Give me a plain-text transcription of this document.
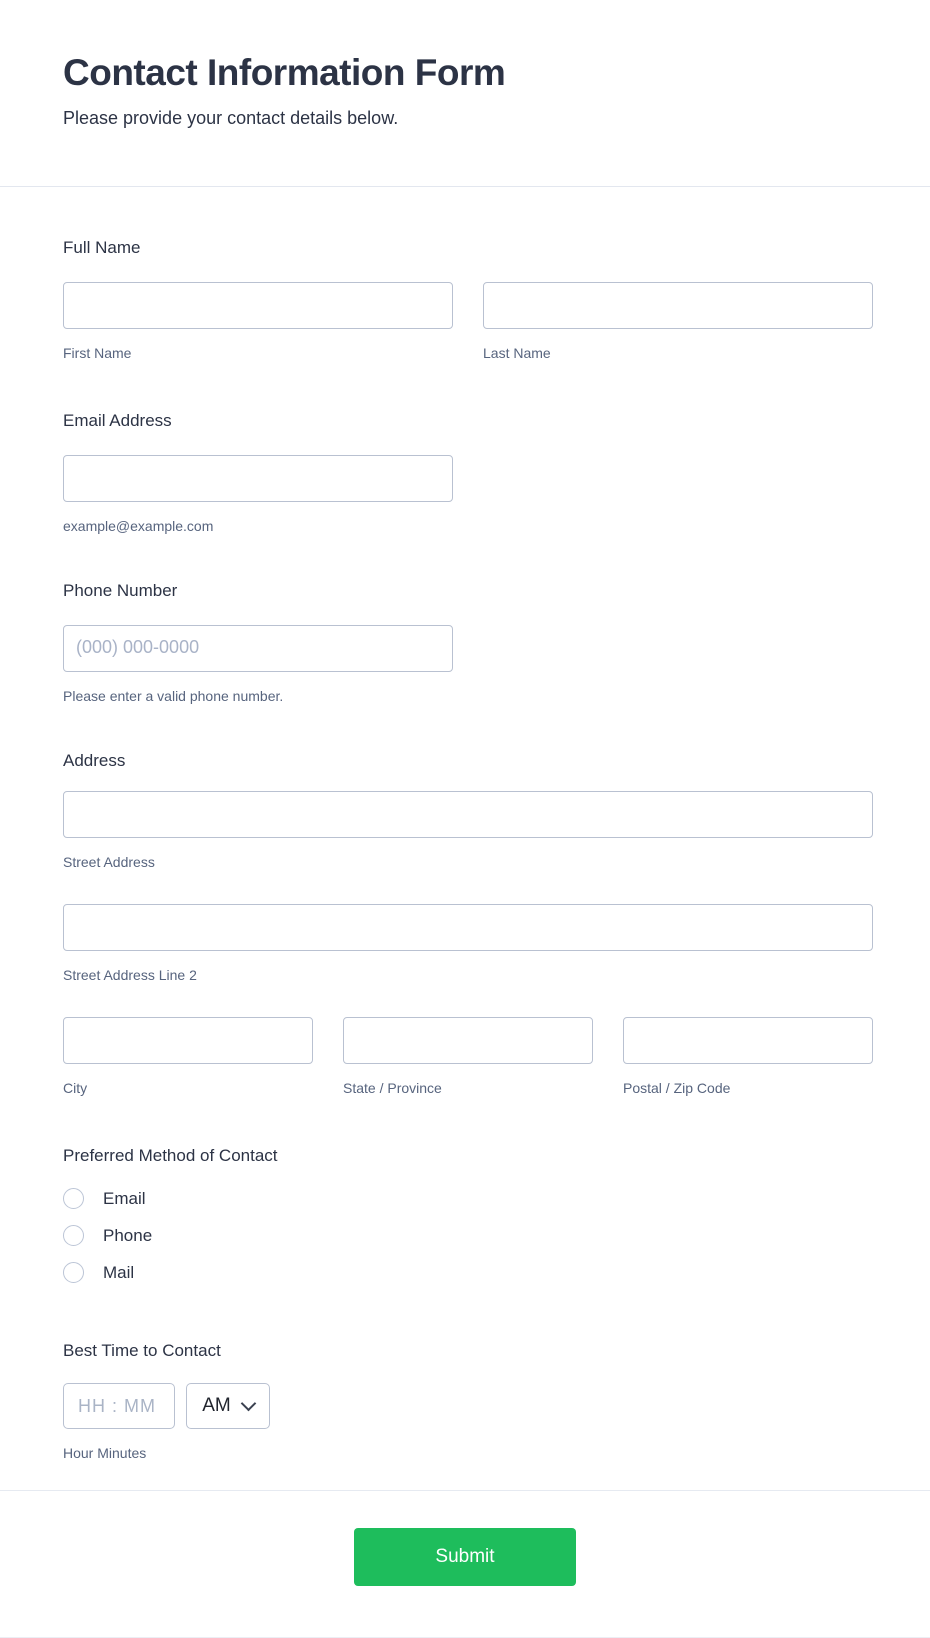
Contact Information Form

Please provide your contact details below.

Full Name
First Name	Last Name
Email Address
example@example.com
Phone Number
(000) 000-0000
Please enter a valid phone number.
Address
Street Address
Street Address Line 2
City	State / Province	Postal / Zip Code
Preferred Method of Contact
Email
Phone
Mail
Best Time to Contact
HH : MM
AM
Hour Minutes
Submit
